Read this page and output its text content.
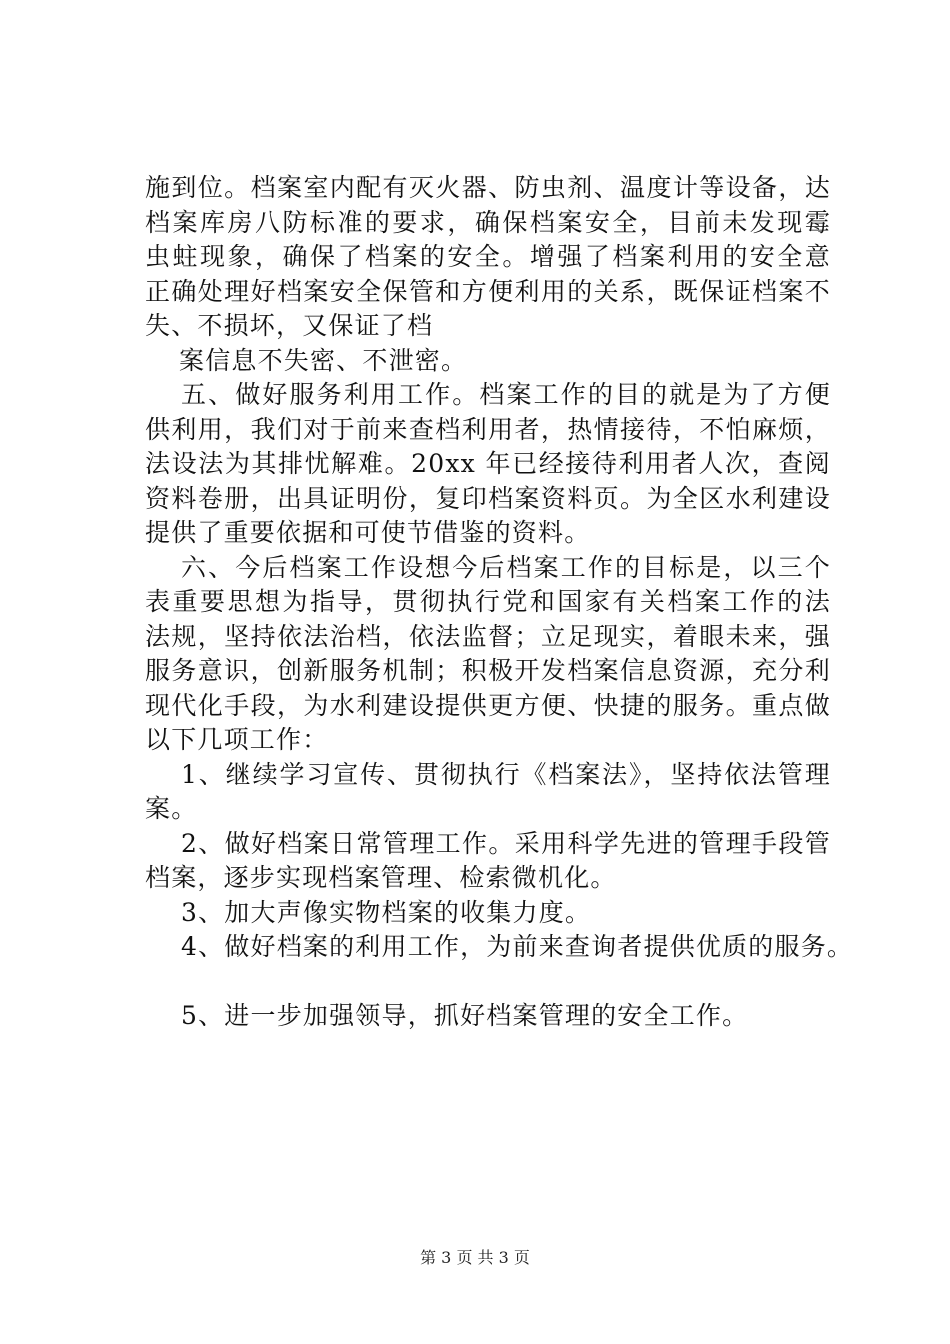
施到位。档案室内配有灭火器、防虫剂、温度计等设备，达
档案库房八防标准的要求，确保档案安全，目前未发现霉
虫蛀现象，确保了档案的安全。增强了档案利用的安全意
正确处理好档案安全保管和方便利用的关系，既保证档案不
失、不损坏，又保证了档
案信息不失密、不泄密。
五、做好服务利用工作。档案工作的目的就是为了方便
供利用，我们对于前来查档利用者，热情接待，不怕麻烦，
法设法为其排忧解难。20xx 年已经接待利用者人次，查阅
资料卷册，出具证明份，复印档案资料页。为全区水利建设
提供了重要依据和可使节借鉴的资料。
六、今后档案工作设想今后档案工作的目标是，以三个
表重要思想为指导，贯彻执行党和国家有关档案工作的法
法规，坚持依法治档，依法监督；立足现实，着眼未来，强
服务意识，创新服务机制；积极开发档案信息资源，充分利
现代化手段，为水利建设提供更方便、快捷的服务。重点做
以下几项工作：
1、继续学习宣传、贯彻执行《档案法》，坚持依法管理
案。
2、做好档案日常管理工作。采用科学先进的管理手段管
档案，逐步实现档案管理、检索微机化。
3、加大声像实物档案的收集力度。
4、做好档案的利用工作，为前来查询者提供优质的服务。
5、进一步加强领导，抓好档案管理的安全工作。
第 3 页 共 3 页
